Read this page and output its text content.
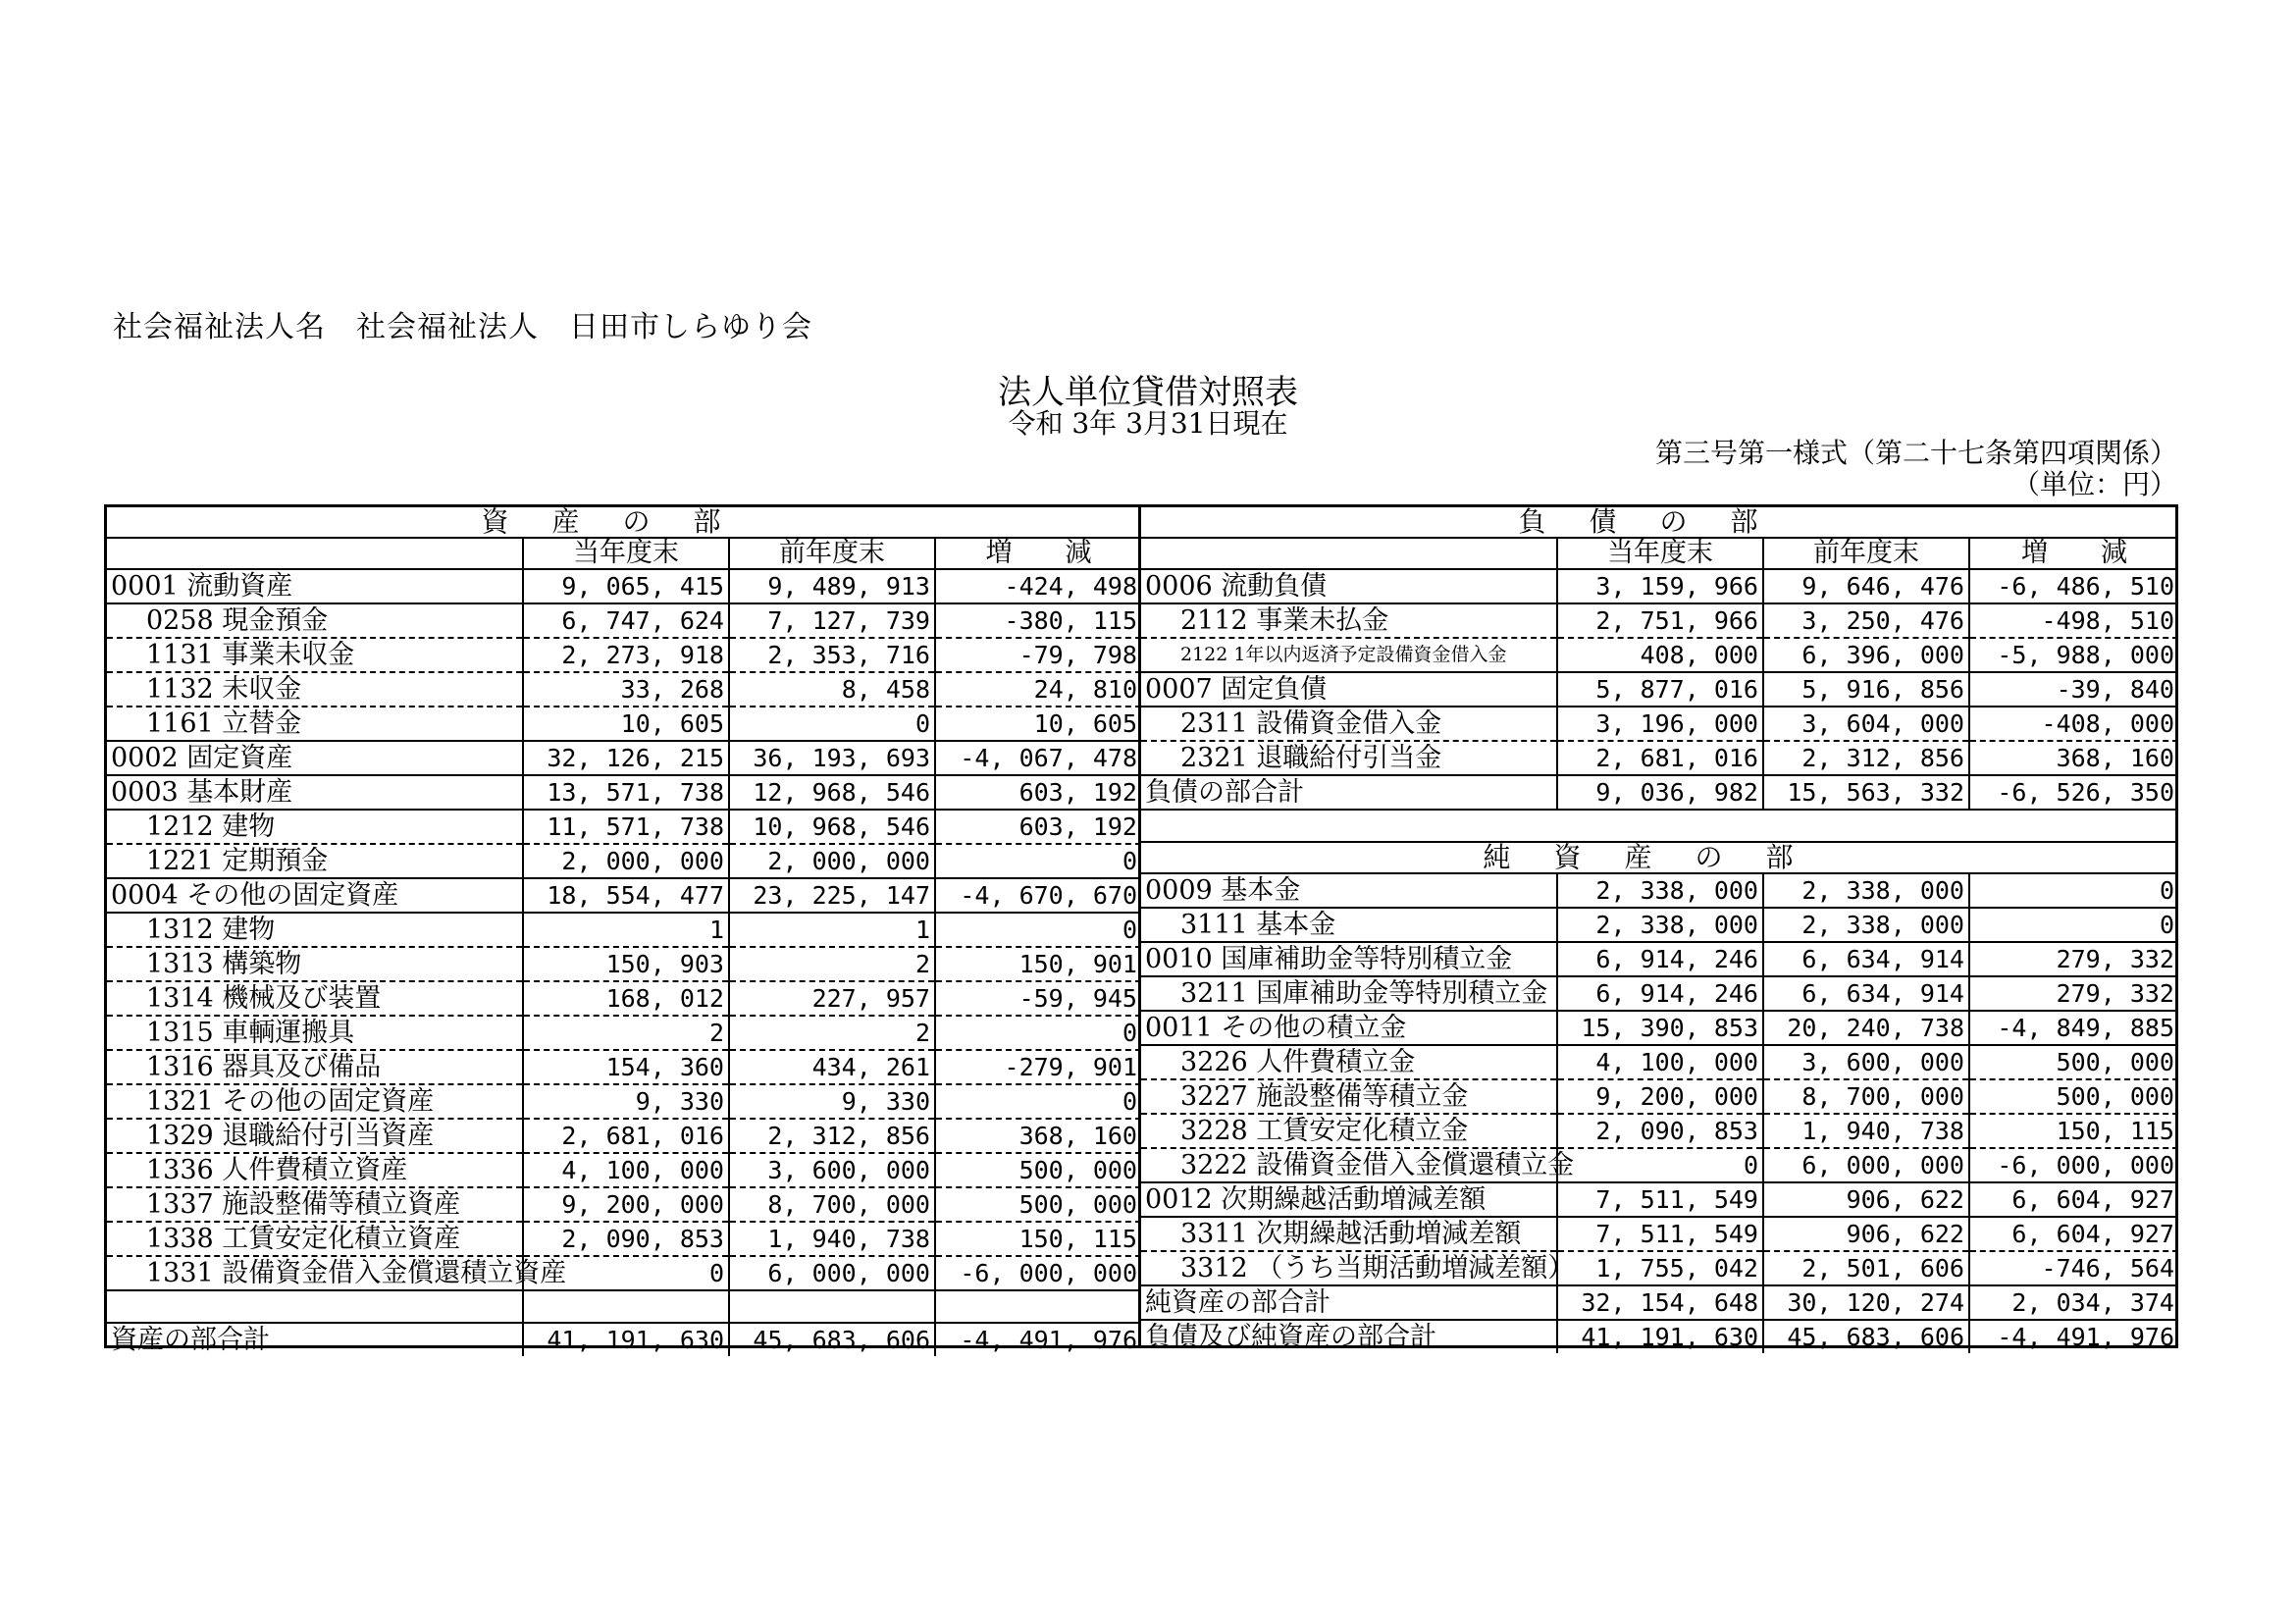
社会福祉法人名　社会福祉法人　日田市しらゆり会
法人単位貸借対照表
令和 3年 3月31日現在
第三号第一様式（第二十七条第四項関係）
（単位：円）
資産の部
	当年度末	前年度末	増　　減
0001 流動資産	9, 065, 415	9, 489, 913	-424, 498
0258 現金預金	6, 747, 624	7, 127, 739	-380, 115
1131 事業未収金	2, 273, 918	2, 353, 716	-79, 798
1132 未収金	33, 268	8, 458	24, 810
1161 立替金	10, 605	0	10, 605
0002 固定資産	32, 126, 215	36, 193, 693	-4, 067, 478
0003 基本財産	13, 571, 738	12, 968, 546	603, 192
1212 建物	11, 571, 738	10, 968, 546	603, 192
1221 定期預金	2, 000, 000	2, 000, 000	0
0004 その他の固定資産	18, 554, 477	23, 225, 147	-4, 670, 670
1312 建物	1	1	0
1313 構築物	150, 903	2	150, 901
1314 機械及び装置	168, 012	227, 957	-59, 945
1315 車輌運搬具	2	2	0
1316 器具及び備品	154, 360	434, 261	-279, 901
1321 その他の固定資産	9, 330	9, 330	0
1329 退職給付引当資産	2, 681, 016	2, 312, 856	368, 160
1336 人件費積立資産	4, 100, 000	3, 600, 000	500, 000
1337 施設整備等積立資産	9, 200, 000	8, 700, 000	500, 000
1338 工賃安定化積立資産	2, 090, 853	1, 940, 738	150, 115
1331 設備資金借入金償還積立資産	0	6, 000, 000	-6, 000, 000

資産の部合計	41, 191, 630	45, 683, 606	-4, 491, 976
負債の部
	当年度末	前年度末	増　　減
0006 流動負債	3, 159, 966	9, 646, 476	-6, 486, 510
2112 事業未払金	2, 751, 966	3, 250, 476	-498, 510
2122 1年以内返済予定設備資金借入金	408, 000	6, 396, 000	-5, 988, 000
0007 固定負債	5, 877, 016	5, 916, 856	-39, 840
2311 設備資金借入金	3, 196, 000	3, 604, 000	-408, 000
2321 退職給付引当金	2, 681, 016	2, 312, 856	368, 160
負債の部合計	9, 036, 982	15, 563, 332	-6, 526, 350

純資産の部			
0009 基本金	2, 338, 000	2, 338, 000	0
3111 基本金	2, 338, 000	2, 338, 000	0
0010 国庫補助金等特別積立金	6, 914, 246	6, 634, 914	279, 332
3211 国庫補助金等特別積立金	6, 914, 246	6, 634, 914	279, 332
0011 その他の積立金	15, 390, 853	20, 240, 738	-4, 849, 885
3226 人件費積立金	4, 100, 000	3, 600, 000	500, 000
3227 施設整備等積立金	9, 200, 000	8, 700, 000	500, 000
3228 工賃安定化積立金	2, 090, 853	1, 940, 738	150, 115
3222 設備資金借入金償還積立金	0	6, 000, 000	-6, 000, 000
0012 次期繰越活動増減差額	7, 511, 549	906, 622	6, 604, 927
3311 次期繰越活動増減差額	7, 511, 549	906, 622	6, 604, 927
3312 （うち当期活動増減差額）	1, 755, 042	2, 501, 606	-746, 564
純資産の部合計	32, 154, 648	30, 120, 274	2, 034, 374
負債及び純資産の部合計	41, 191, 630	45, 683, 606	-4, 491, 976
